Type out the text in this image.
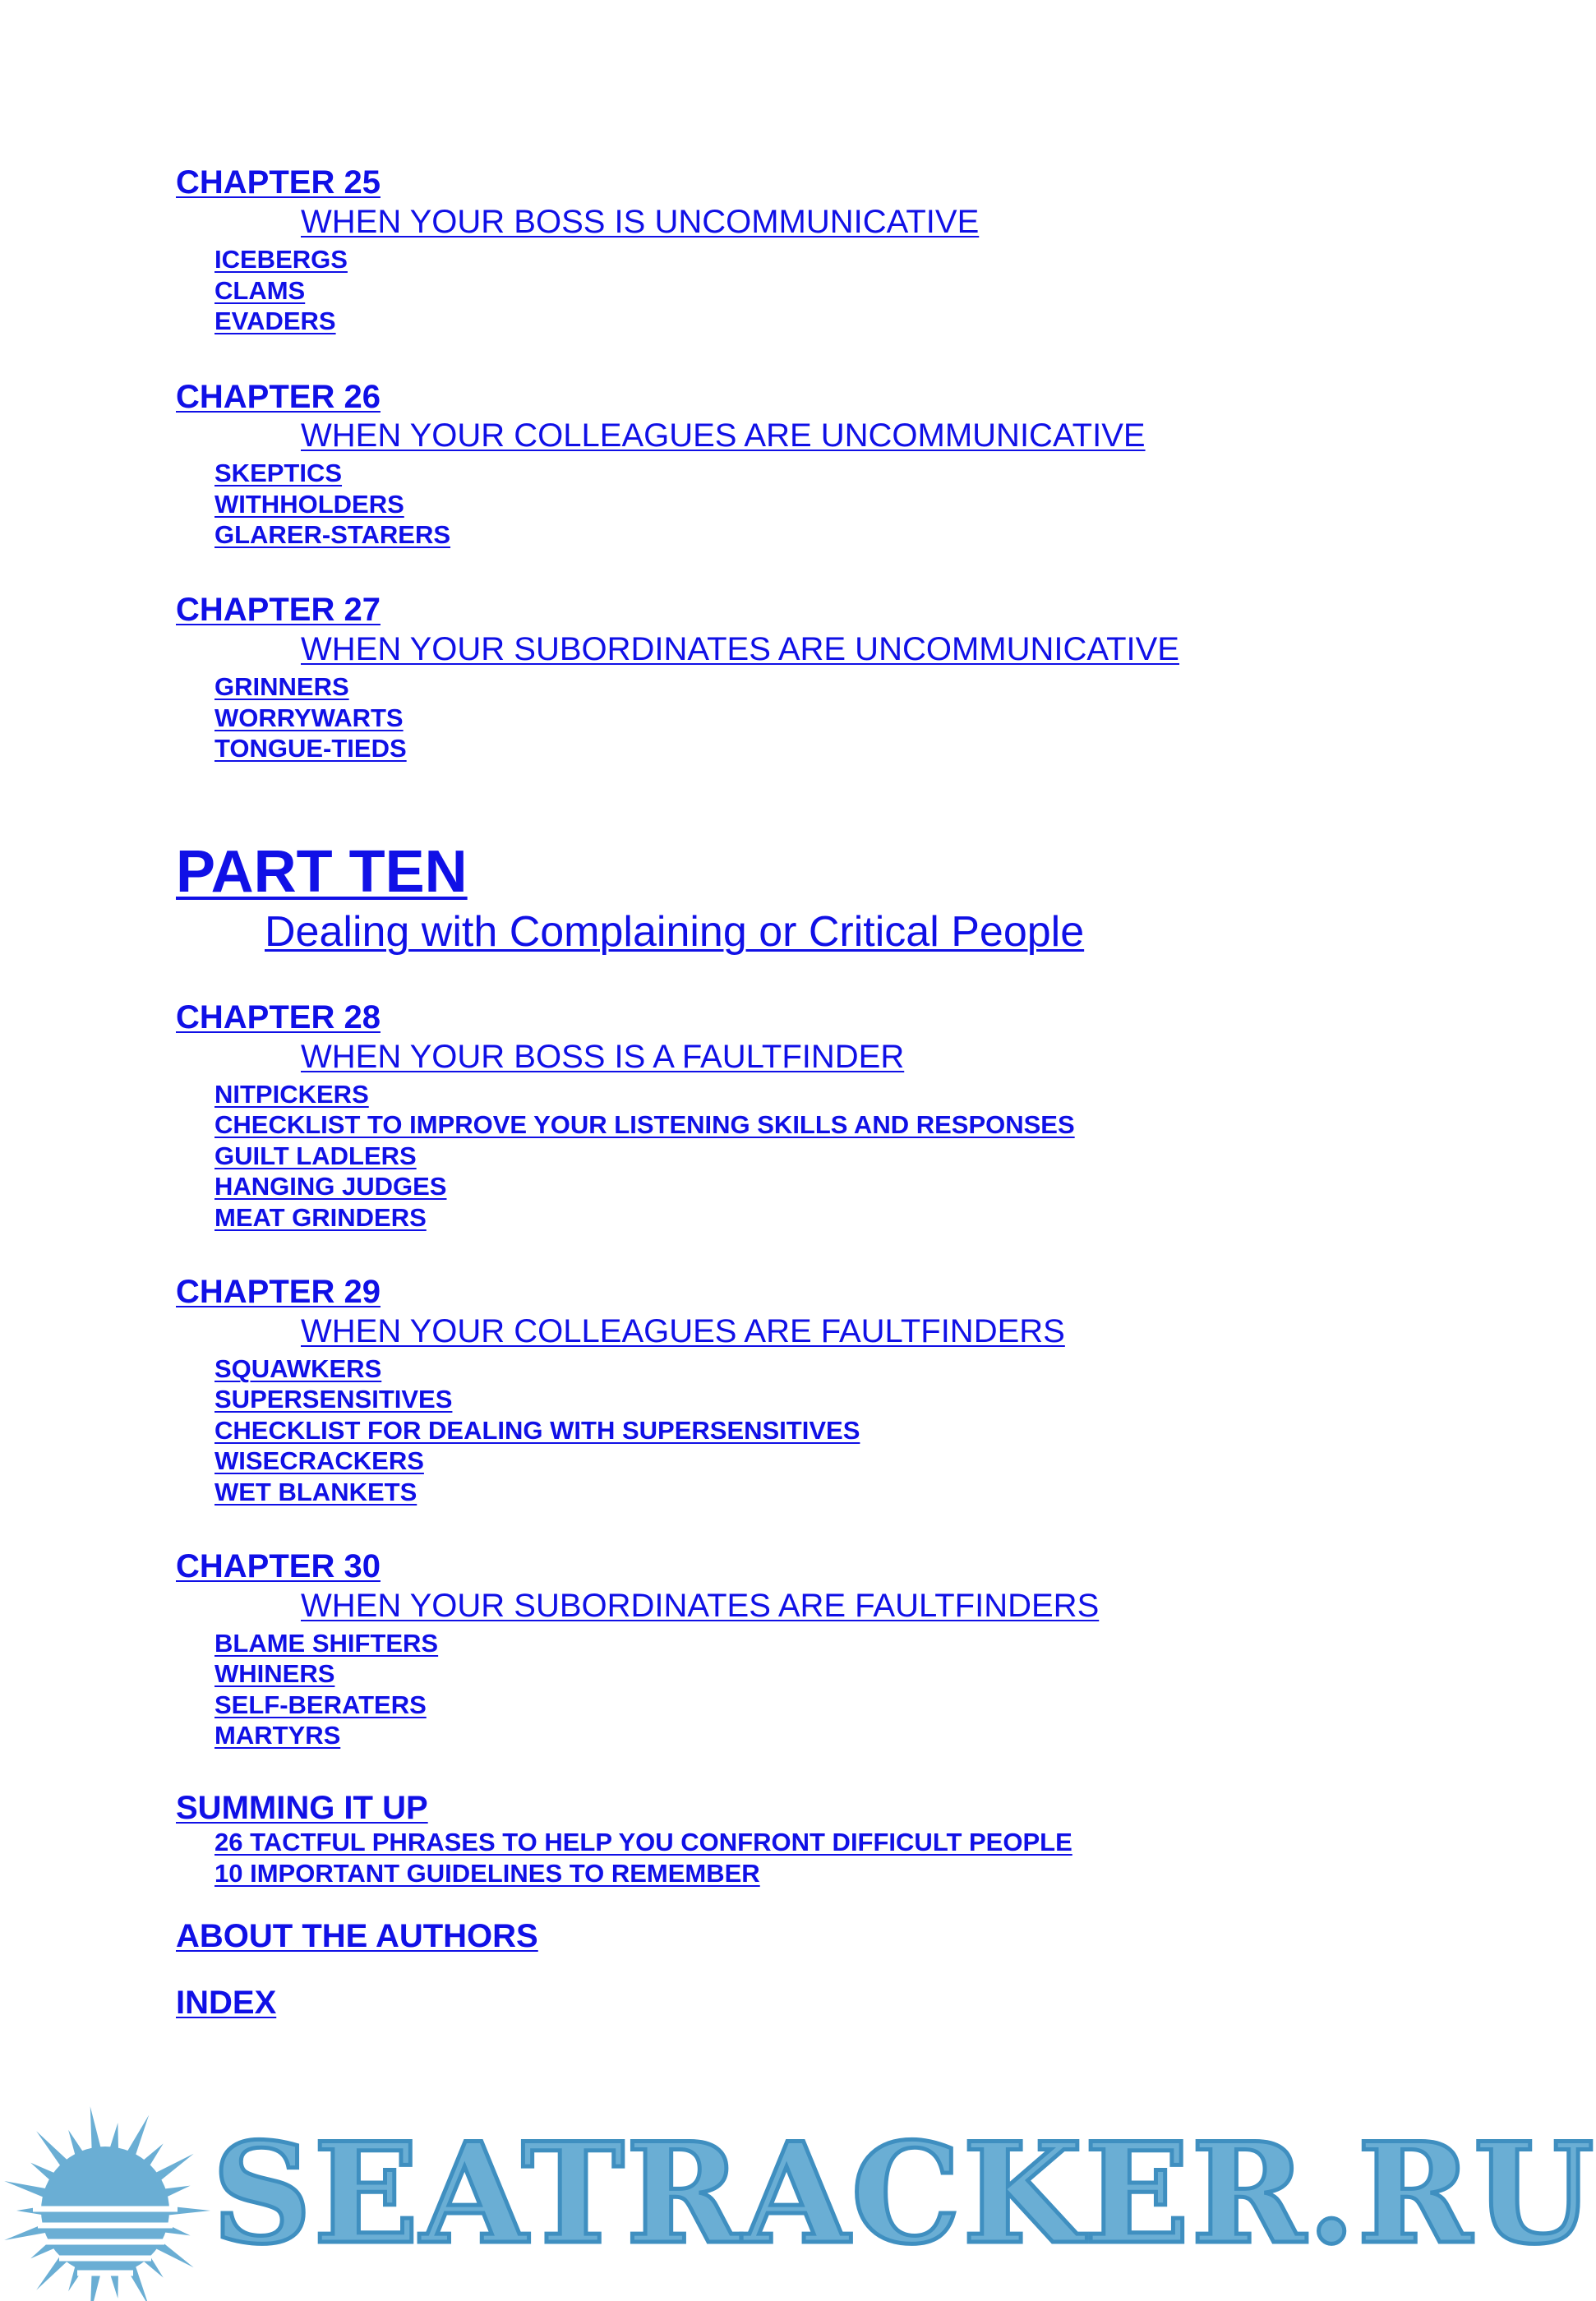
CHAPTER 25
WHEN YOUR BOSS IS UNCOMMUNICATIVE
ICEBERGS
CLAMS
EVADERS
CHAPTER 26
WHEN YOUR COLLEAGUES ARE UNCOMMUNICATIVE
SKEPTICS
WITHHOLDERS
GLARER-STARERS
CHAPTER 27
WHEN YOUR SUBORDINATES ARE UNCOMMUNICATIVE
GRINNERS
WORRYWARTS
TONGUE-TIEDS
PART TEN
Dealing with Complaining or Critical People
CHAPTER 28
WHEN YOUR BOSS IS A FAULTFINDER
NITPICKERS
CHECKLIST TO IMPROVE YOUR LISTENING SKILLS AND RESPONSES
GUILT LADLERS
HANGING JUDGES
MEAT GRINDERS
CHAPTER 29
WHEN YOUR COLLEAGUES ARE FAULTFINDERS
SQUAWKERS
SUPERSENSITIVES
CHECKLIST FOR DEALING WITH SUPERSENSITIVES
WISECRACKERS
WET BLANKETS
CHAPTER 30
WHEN YOUR SUBORDINATES ARE FAULTFINDERS
BLAME SHIFTERS
WHINERS
SELF-BERATERS
MARTYRS
SUMMING IT UP
26 TACTFUL PHRASES TO HELP YOU CONFRONT DIFFICULT PEOPLE
10 IMPORTANT GUIDELINES TO REMEMBER
ABOUT THE AUTHORS
INDEX
SEATRACKER.RU
